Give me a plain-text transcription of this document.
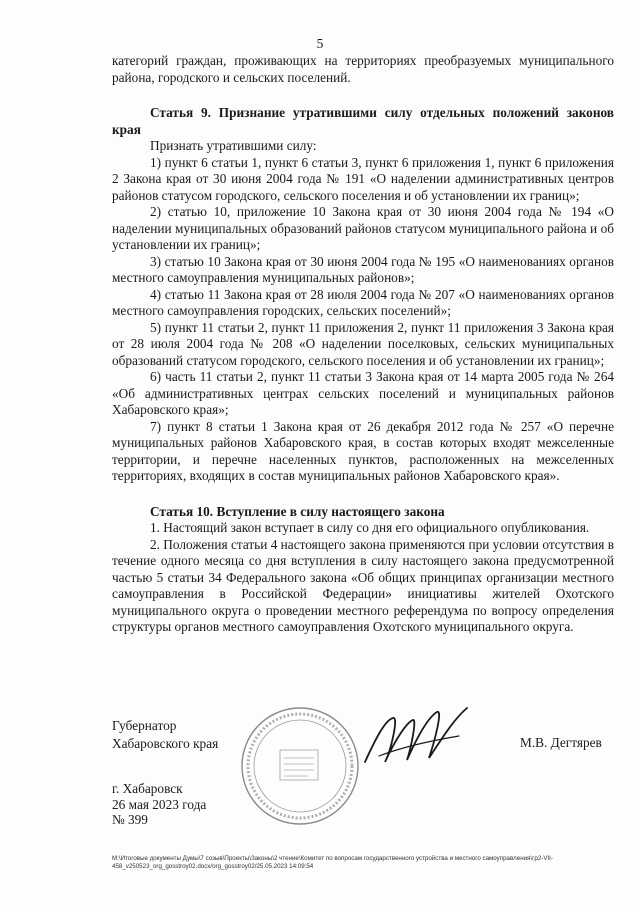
5

категорий граждан, проживающих на территориях преобразуемых муниципального района, городского и сельских поселений.

Статья 9. Признание утратившими силу отдельных положений законов края

Признать утратившими силу:

1) пункт 6 статьи 1, пункт 6 статьи 3, пункт 6 приложения 1, пункт 6 приложения 2 Закона края от 30 июня 2004 года № 191 «О наделении административных центров районов статусом городского, сельского поселения и об установлении их границ»;

2) статью 10, приложение 10 Закона края от 30 июня 2004 года № 194 «О наделении муниципальных образований районов статусом муниципального района и об установлении их границ»;

3) статью 10 Закона края от 30 июня 2004 года № 195 «О наименованиях органов местного самоуправления муниципальных районов»;

4) статью 11 Закона края от 28 июля 2004 года № 207 «О наименованиях органов местного самоуправления городских, сельских поселений»;

5) пункт 11 статьи 2, пункт 11 приложения 2, пункт 11 приложения 3 Закона края от 28 июля 2004 года № 208 «О наделении поселковых, сельских муниципальных образований статусом городского, сельского поселения и об установлении их границ»;

6) часть 11 статьи 2, пункт 11 статьи 3 Закона края от 14 марта 2005 года № 264 «Об административных центрах сельских поселений и муниципальных районов Хабаровского края»;

7) пункт 8 статьи 1 Закона края от 26 декабря 2012 года № 257 «О перечне муниципальных районов Хабаровского края, в состав которых входят межселенные территории, и перечне населенных пунктов, расположенных на межселенных территориях, входящих в состав муниципальных районов Хабаровского края».

Статья 10. Вступление в силу настоящего закона

1. Настоящий закон вступает в силу со дня его официального опубликования.

2. Положения статьи 4 настоящего закона применяются при условии отсутствия в течение одного месяца со дня вступления в силу настоящего закона предусмотренной частью 5 статьи 34 Федерального закона «Об общих принципах организации местного самоуправления в Российской Федерации» инициативы жителей Охотского муниципального округа о проведении местного референдума по вопросу определения структуры органов местного самоуправления Охотского муниципального округа.

Губернатор
Хабаровского края	М.В. Дегтярев
г. Хабаровск
26 мая 2023 года
№ 399
М:\Итоговые документы Думы\7 созыв\Проекты\Законы\2 чтение\Комитет по вопросам государственного устройства и местного самоуправления\гр2-VII-458_v250523_org_gosstroy02.docx/org_gosstroy02/25.05.2023 14:09:54
